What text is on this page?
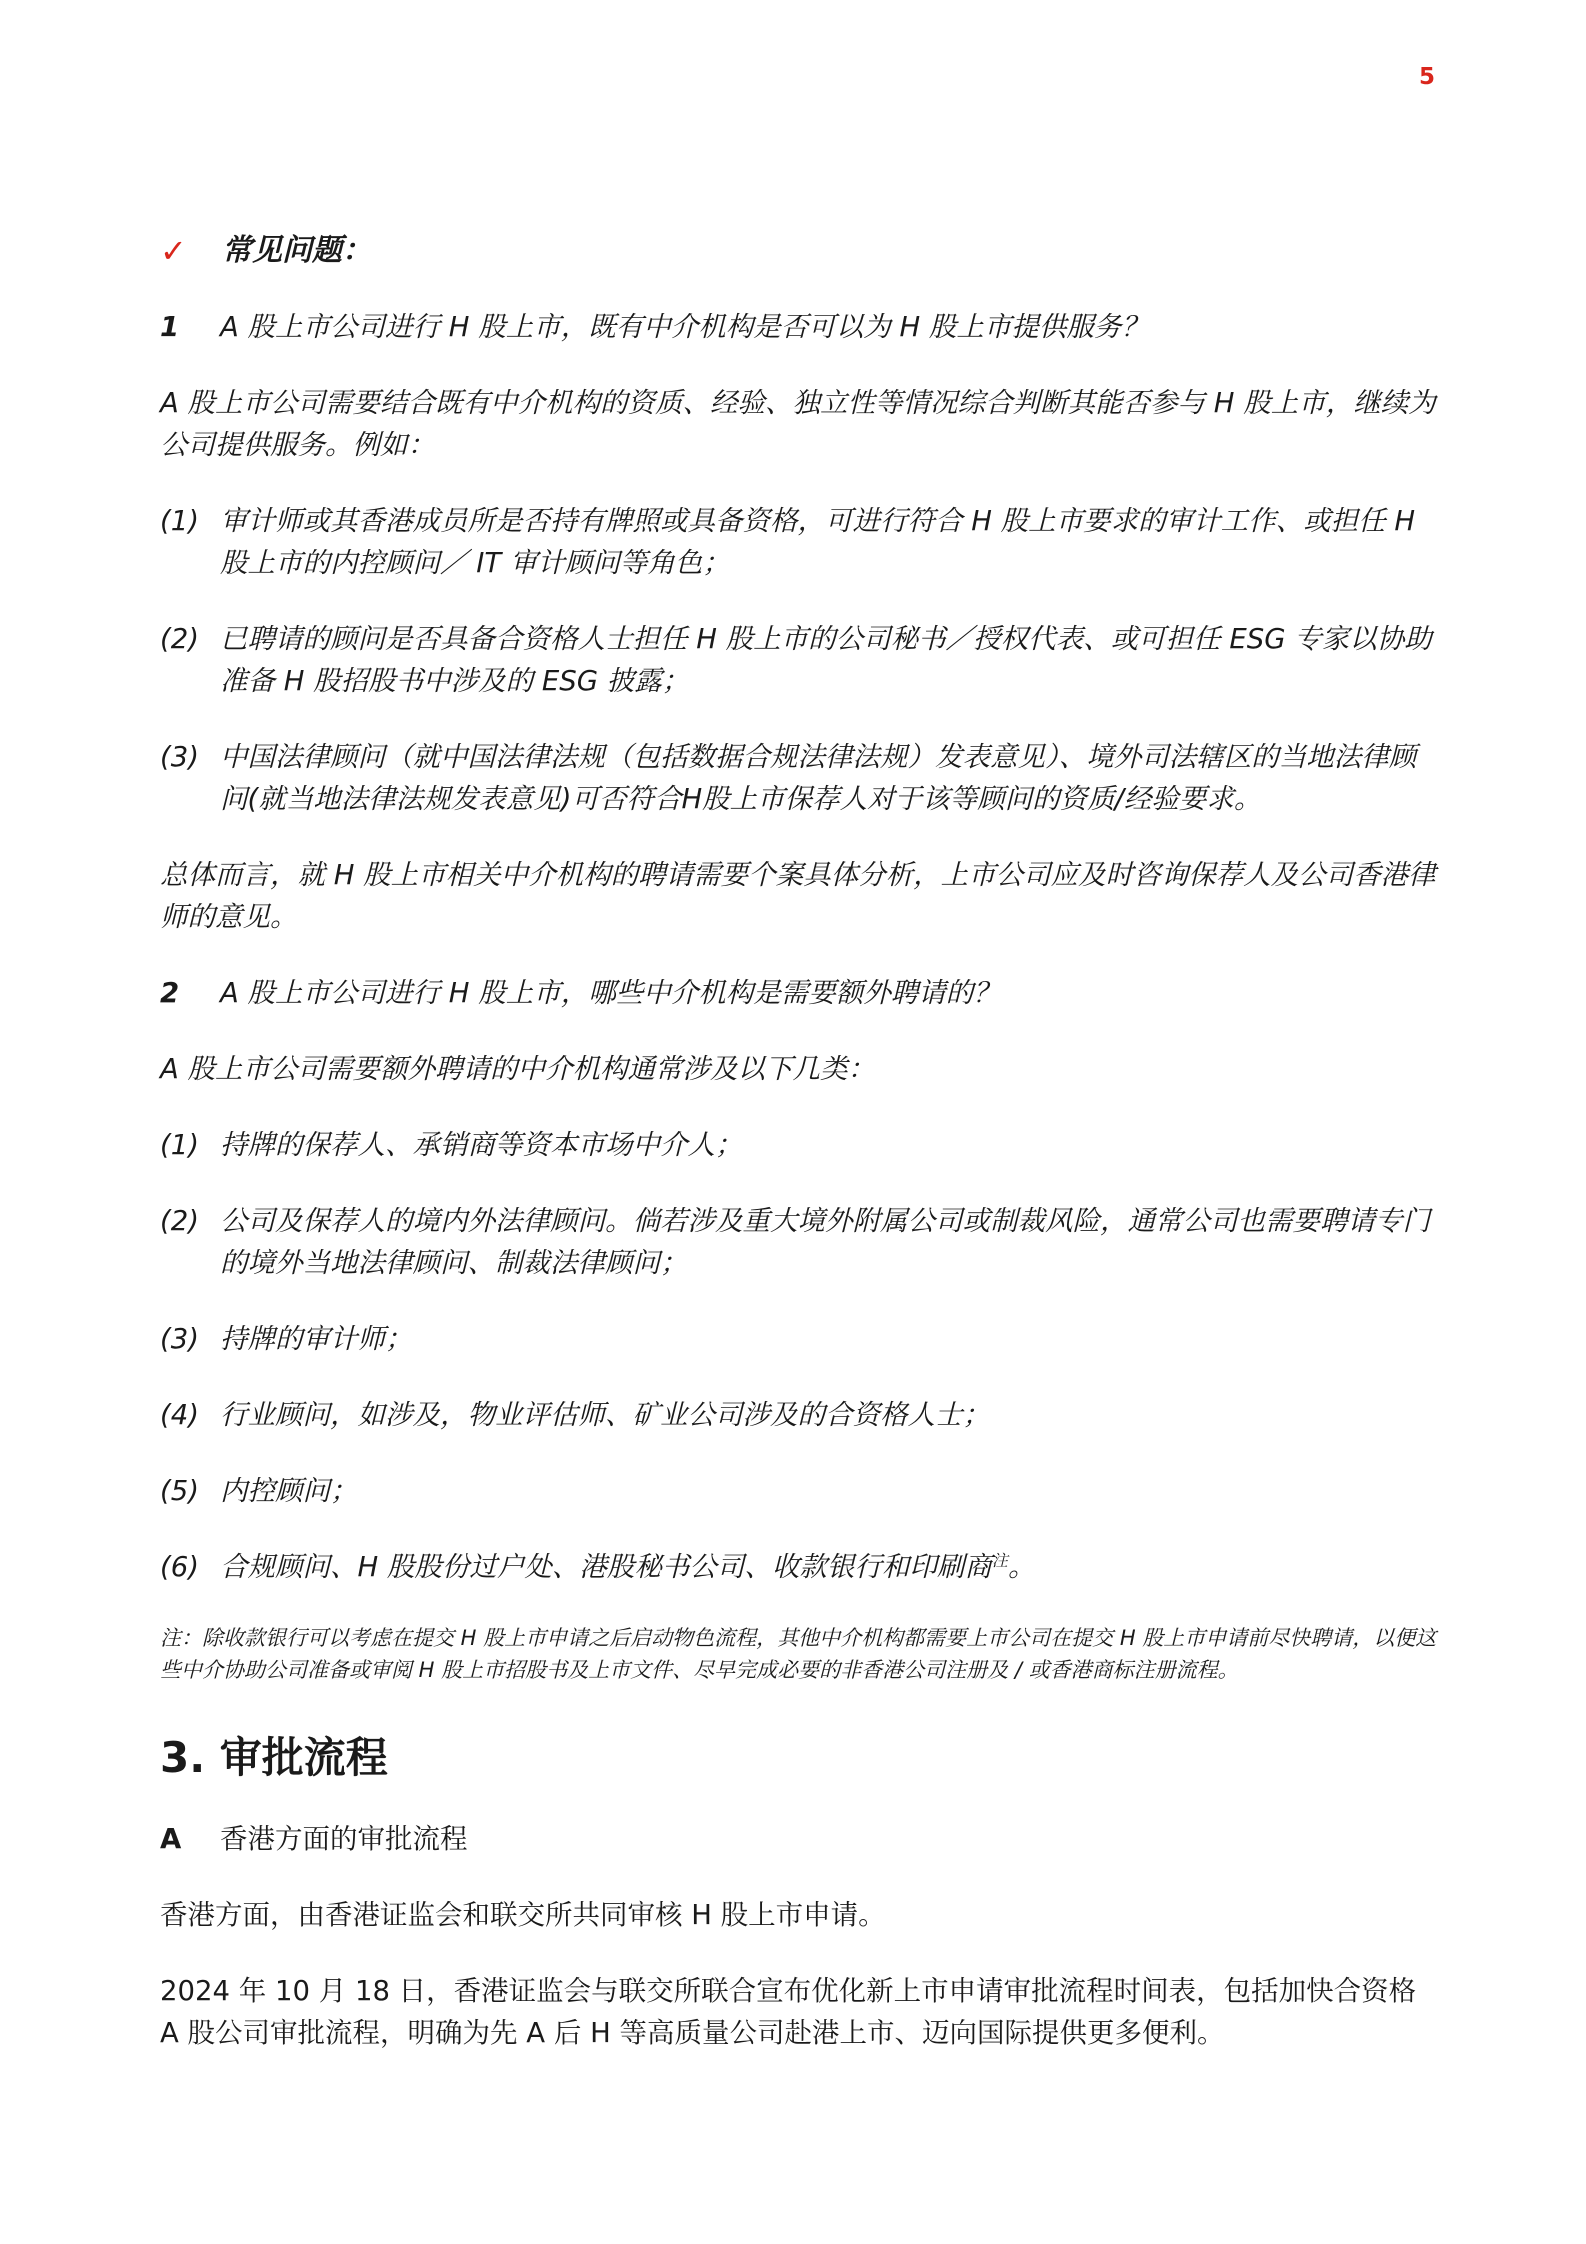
5
✓	常见问题：
1	A 股上市公司进行 H 股上市，既有中介机构是否可以为 H 股上市提供服务？

A 股上市公司需要结合既有中介机构的资质、经验、独立性等情况综合判断其能否参与 H 股上市，继续为公司提供服务。例如：

(1) 审计师或其香港成员所是否持有牌照或具备资格，可进行符合 H 股上市要求的审计工作、或担任 H 股上市的内控顾问／ IT 审计顾问等角色；
(2) 已聘请的顾问是否具备合资格人士担任 H 股上市的公司秘书／授权代表、或可担任 ESG 专家以协助准备 H 股招股书中涉及的 ESG 披露；
(3) 中国法律顾问（就中国法律法规（包括数据合规法律法规）发表意见）、境外司法辖区的当地法律顾问(就当地法律法规发表意见)可否符合H股上市保荐人对于该等顾问的资质/经验要求。

总体而言，就 H 股上市相关中介机构的聘请需要个案具体分析，上市公司应及时咨询保荐人及公司香港律师的意见。

2	A 股上市公司进行 H 股上市，哪些中介机构是需要额外聘请的？

A 股上市公司需要额外聘请的中介机构通常涉及以下几类：

(1) 持牌的保荐人、承销商等资本市场中介人；
(2) 公司及保荐人的境内外法律顾问。倘若涉及重大境外附属公司或制裁风险，通常公司也需要聘请专门的境外当地法律顾问、制裁法律顾问；
(3) 持牌的审计师；
(4) 行业顾问，如涉及，物业评估师、矿业公司涉及的合资格人士；
(5) 内控顾问；
(6) 合规顾问、H 股股份过户处、港股秘书公司、收款银行和印刷商$^注$。

注：除收款银行可以考虑在提交 H 股上市申请之后启动物色流程，其他中介机构都需要上市公司在提交 H 股上市申请前尽快聘请，以便这些中介协助公司准备或审阅 H 股上市招股书及上市文件、尽早完成必要的非香港公司注册及 / 或香港商标注册流程。

3. 审批流程
A	香港方面的审批流程

香港方面，由香港证监会和联交所共同审核 H 股上市申请。

2024 年 10 月 18 日，香港证监会与联交所联合宣布优化新上市申请审批流程时间表，包括加快合资格 A 股公司审批流程，明确为先 A 后 H 等高质量公司赴港上市、迈向国际提供更多便利。
